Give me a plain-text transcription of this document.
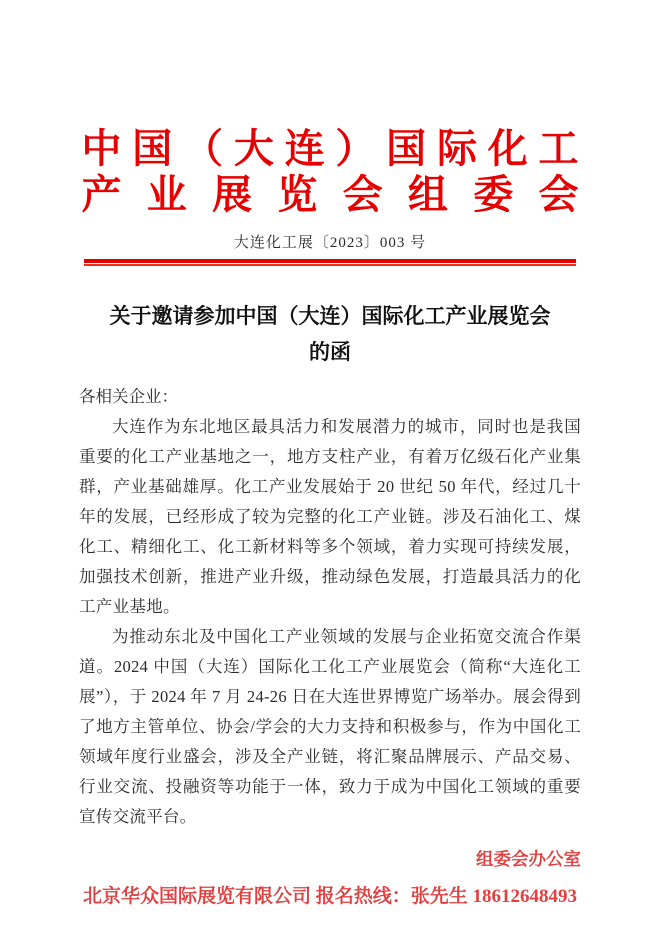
中国（大连）国际化工
产业展览会组委会
大连化工展〔2023〕003 号
关于邀请参加中国（大连）国际化工产业展览会
的函
各相关企业：

大连作为东北地区最具活力和发展潜力的城市，同时也是我国重要的化工产业基地之一，地方支柱产业，有着万亿级石化产业集群，产业基础雄厚。化工产业发展始于 20 世纪 50 年代，经过几十年的发展，已经形成了较为完整的化工产业链。涉及石油化工、煤化工、精细化工、化工新材料等多个领域，着力实现可持续发展，加强技术创新，推进产业升级，推动绿色发展，打造最具活力的化工产业基地。

为推动东北及中国化工产业领域的发展与企业拓宽交流合作渠道。2024 中国（大连）国际化工化工产业展览会（简称“大连化工展”），于 2024 年 7 月 24-26 日在大连世界博览广场举办。展会得到了地方主管单位、协会/学会的大力支持和积极参与，作为中国化工领域年度行业盛会，涉及全产业链，将汇聚品牌展示、产品交易、行业交流、投融资等功能于一体，致力于成为中国化工领域的重要宣传交流平台。

组委会办公室
北京华众国际展览有限公司 报名热线：张先生 18612648493
